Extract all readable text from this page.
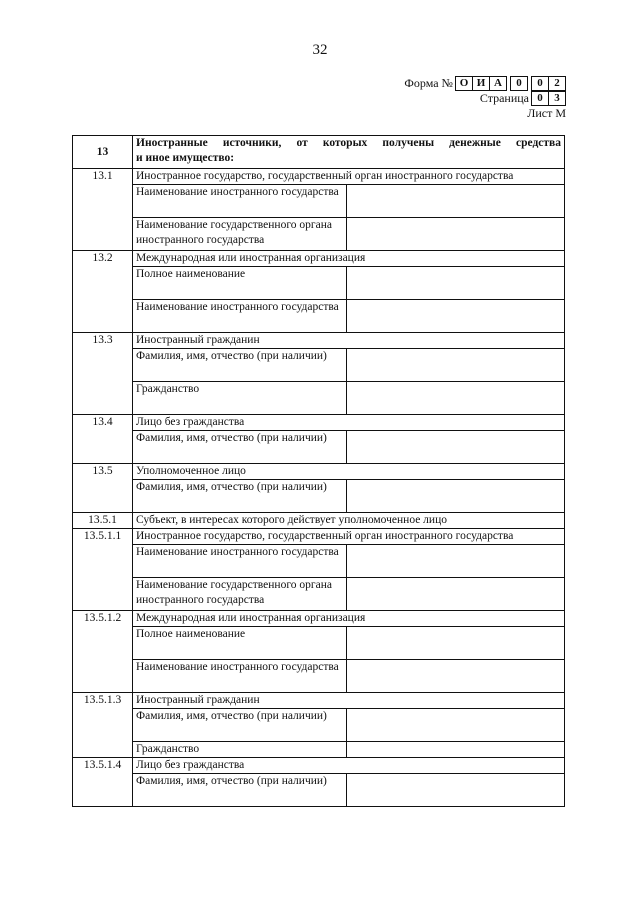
32
Форма № О И А	0	0	2
Страница 0	3
Лист М
13	Иностранные источники, от которых получены денежные средства
и иное имущество:	

13.1	Иностранное государство, государственный орган иностранного государства	
	Наименование иностранного государства	
	Наименование государственного органа иностранного государства	
13.2	Международная или иностранная организация	
	Полное наименование	
	Наименование иностранного государства	
13.3	Иностранный гражданин	
	Фамилия, имя, отчество (при наличии)	
	Гражданство	
13.4	Лицо без гражданства	
	Фамилия, имя, отчество (при наличии)	
13.5	Уполномоченное лицо	
	Фамилия, имя, отчество (при наличии)	
13.5.1	Субъект, в интересах которого действует уполномоченное лицо	
13.5.1.1	Иностранное государство, государственный орган иностранного государства	
	Наименование иностранного государства	
	Наименование государственного органа иностранного государства	
13.5.1.2	Международная или иностранная организация	
	Полное наименование	
	Наименование иностранного государства	
13.5.1.3	Иностранный гражданин	
	Фамилия, имя, отчество (при наличии)	
	Гражданство	
13.5.1.4	Лицо без гражданства	
	Фамилия, имя, отчество (при наличии)	
